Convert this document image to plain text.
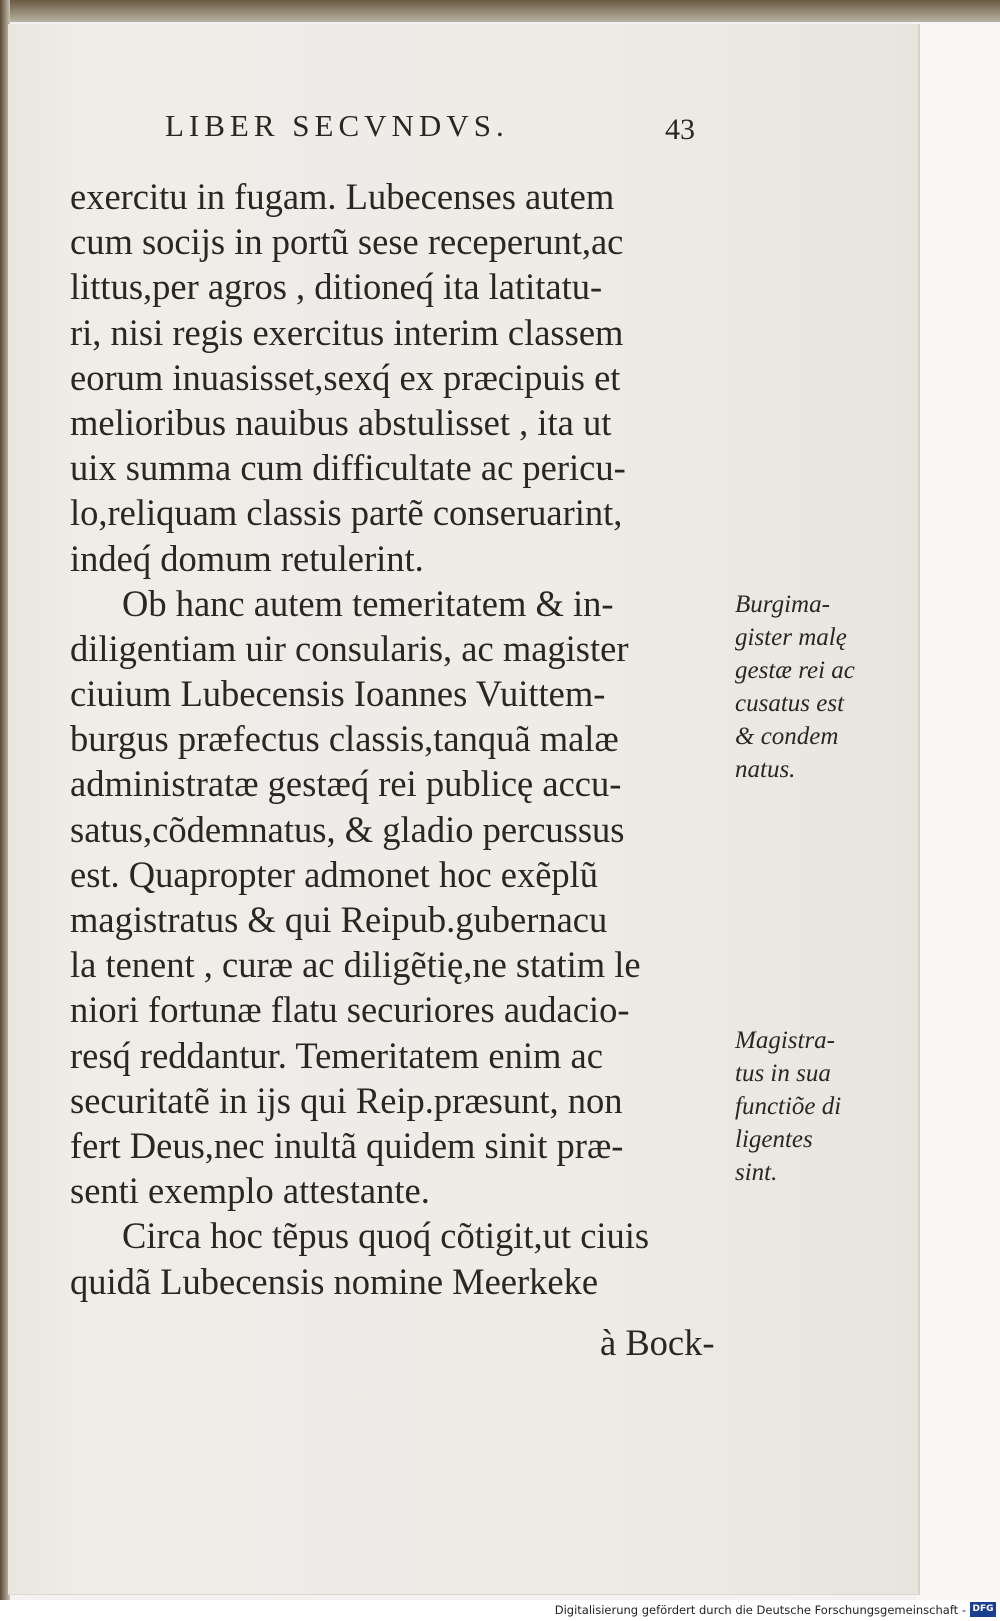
LIBER SECVNDVS.	43
exercitu in fugam. Lubecenses autem
cum socijs in portũ sese receperunt,ac
littus,per agros , ditioneq́ ita latitatu-
ri, nisi regis exercitus interim classem
eorum inuasisset,sexq́ ex præcipuis et
melioribus nauibus abstulisset , ita ut
uix summa cum difficultate ac pericu-
lo,reliquam classis partẽ conseruarint,
indeq́ domum retulerint.
Ob hanc autem temeritatem & in-
diligentiam uir consularis, ac magister
ciuium Lubecensis Ioannes Vuittem-
burgus præfectus classis,tanquã malæ
administratæ gestæq́ rei publicę accu-
satus,cõdemnatus, & gladio percussus
est. Quapropter admonet hoc exẽplũ
magistratus & qui Reipub.gubernacu
la tenent , curæ ac diligẽtię,ne statim le
niori fortunæ flatu securiores audacio-
resq́ reddantur. Temeritatem enim ac
securitatẽ in ijs qui Reip.præsunt, non
fert Deus,nec inultã quidem sinit præ-
senti exemplo attestante.
Circa hoc tẽpus quoq́ cõtigit,ut ciuis
quidã Lubecensis nomine Meerkeke
à Bock-
Burgima-
gister malę
gestæ rei ac
cusatus est
& condem
natus.
Magistra-
tus in sua
functiõe di
ligentes
sint.
Digitalisierung gefördert durch die Deutsche Forschungsgemeinschaft - DFG
